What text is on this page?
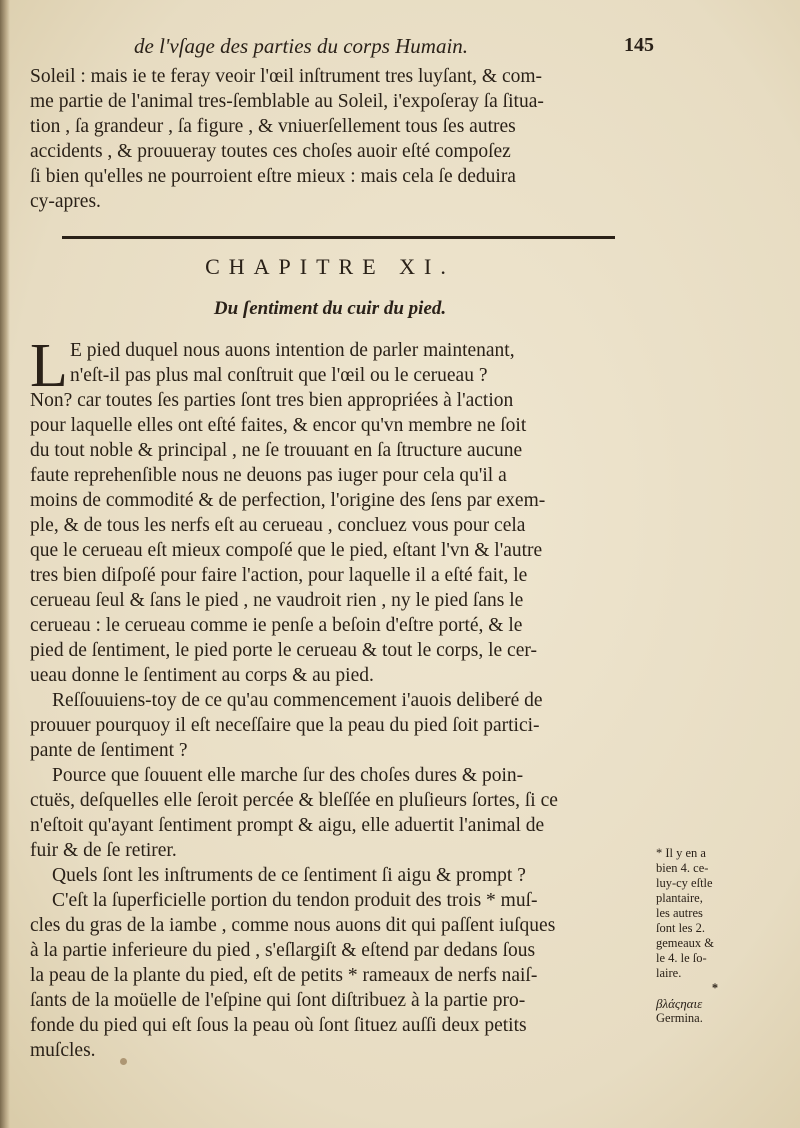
de l'vſage des parties du corps Humain.	145
Soleil : mais ie te feray veoir l'œil inſtrument tres luyſant, & com-
me partie de l'animal tres-ſemblable au Soleil, i'expoſeray ſa ſitua-
tion , ſa grandeur , ſa figure , & vniuerſellement tous ſes autres
accidents , & prouueray toutes ces choſes auoir eſté compoſez
ſi bien qu'elles ne pourroient eſtre mieux : mais cela ſe deduira
cy-apres.
CHAPITRE XI.
Du ſentiment du cuir du pied.
L E pied duquel nous auons intention de parler maintenant,
n'eſt-il pas plus mal conſtruit que l'œil ou le cerueau ?
Non? car toutes ſes parties ſont tres bien appropriées à l'action
pour laquelle elles ont eſté faites, & encor qu'vn membre ne ſoit
du tout noble & principal , ne ſe trouuant en ſa ſtructure aucune
faute reprehenſible nous ne deuons pas iuger pour cela qu'il a
moins de commodité & de perfection, l'origine des ſens par exem-
ple, & de tous les nerfs eſt au cerueau , concluez vous pour cela
que le cerueau eſt mieux compoſé que le pied, eſtant l'vn & l'autre
tres bien diſpoſé pour faire l'action, pour laquelle il a eſté fait, le
cerueau ſeul & ſans le pied , ne vaudroit rien , ny le pied ſans le
cerueau : le cerueau comme ie penſe a beſoin d'eſtre porté, & le
pied de ſentiment, le pied porte le cerueau & tout le corps, le cer-
ueau donne le ſentiment au corps & au pied.
Reſſouuiens-toy de ce qu'au commencement i'auois deliberé de
prouuer pourquoy il eſt neceſſaire que la peau du pied ſoit partici-
pante de ſentiment ?
Pource que ſouuent elle marche ſur des choſes dures & poin-
ctuës, deſquelles elle ſeroit percée & bleſſée en pluſieurs ſortes, ſi ce
n'eſtoit qu'ayant ſentiment prompt & aigu, elle aduertit l'animal de
fuir & de ſe retirer.
Quels ſont les inſtruments de ce ſentiment ſi aigu & prompt ?
C'eſt la ſuperficielle portion du tendon produit des trois * muſ-
cles du gras de la iambe , comme nous auons dit qui paſſent iuſques
à la partie inferieure du pied , s'eſlargiſt & eſtend par dedans ſous
la peau de la plante du pied, eſt de petits * rameaux de nerfs naiſ-
ſants de la moüelle de l'eſpine qui ſont diſtribuez à la partie pro-
fonde du pied qui eſt ſous la peau où ſont ſituez auſſi deux petits
muſcles.
* Il y en a
bien 4. ce-
luy-cy eſtle
plantaire,
les autres
ſont les 2.
gemeaux &
le 4. le ſo-
laire.
*
βλάςηαιε
Germina.
